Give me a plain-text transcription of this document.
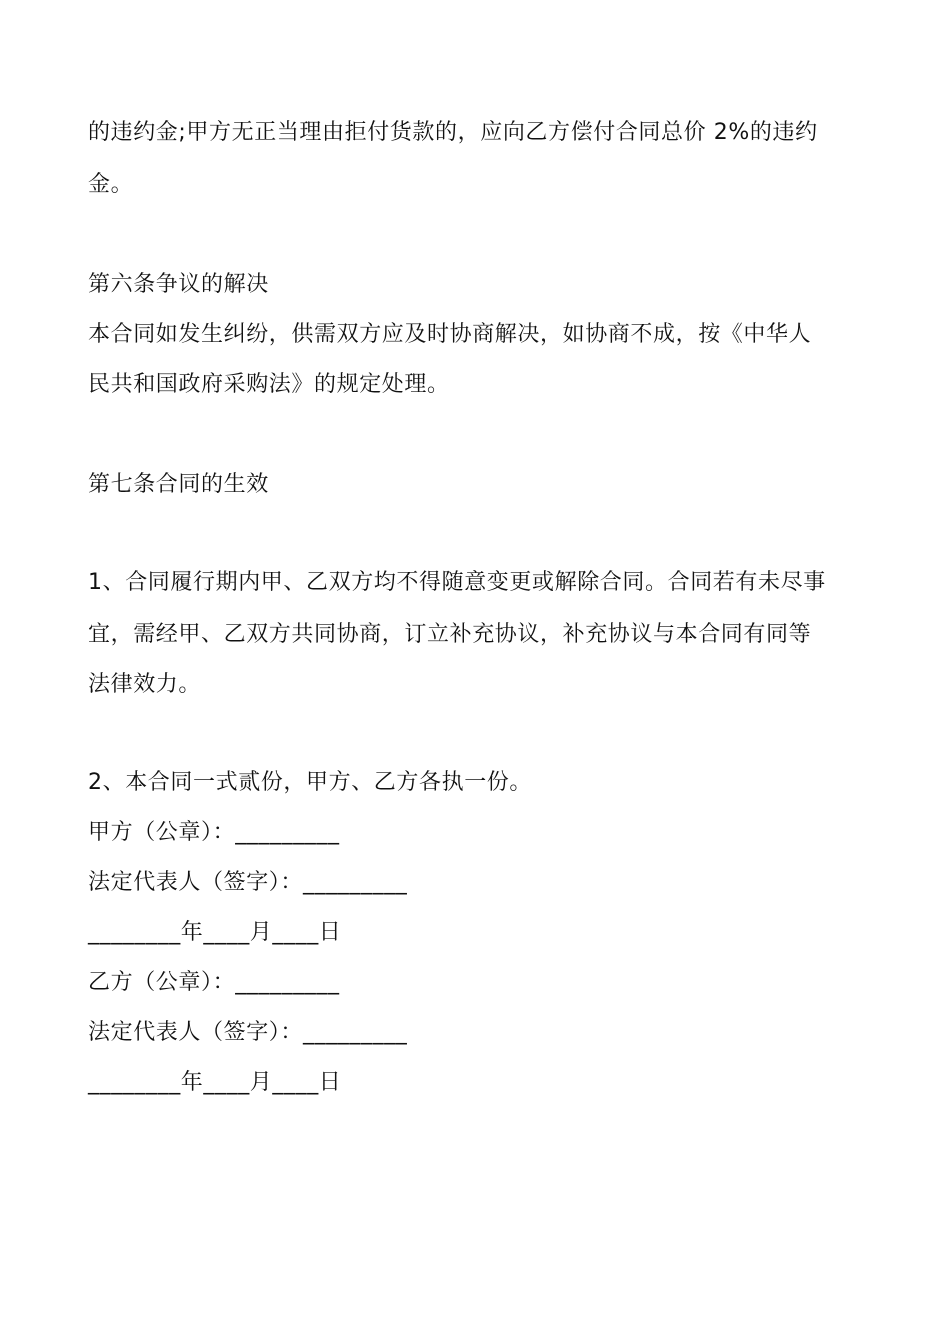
的违约金;甲方无正当理由拒付货款的，应向乙方偿付合同总价 2%的违约
金。
第六条争议的解决
本合同如发生纠纷，供需双方应及时协商解决，如协商不成，按《中华人
民共和国政府采购法》的规定处理。
第七条合同的生效
1、合同履行期内甲、乙双方均不得随意变更或解除合同。合同若有未尽事
宜，需经甲、乙双方共同协商，订立补充协议，补充协议与本合同有同等
法律效力。
2、本合同一式贰份，甲方、乙方各执一份。
甲方（公章）：_________
法定代表人（签字）：_________
________年____月____日
乙方（公章）：_________
法定代表人（签字）：_________
________年____月____日
